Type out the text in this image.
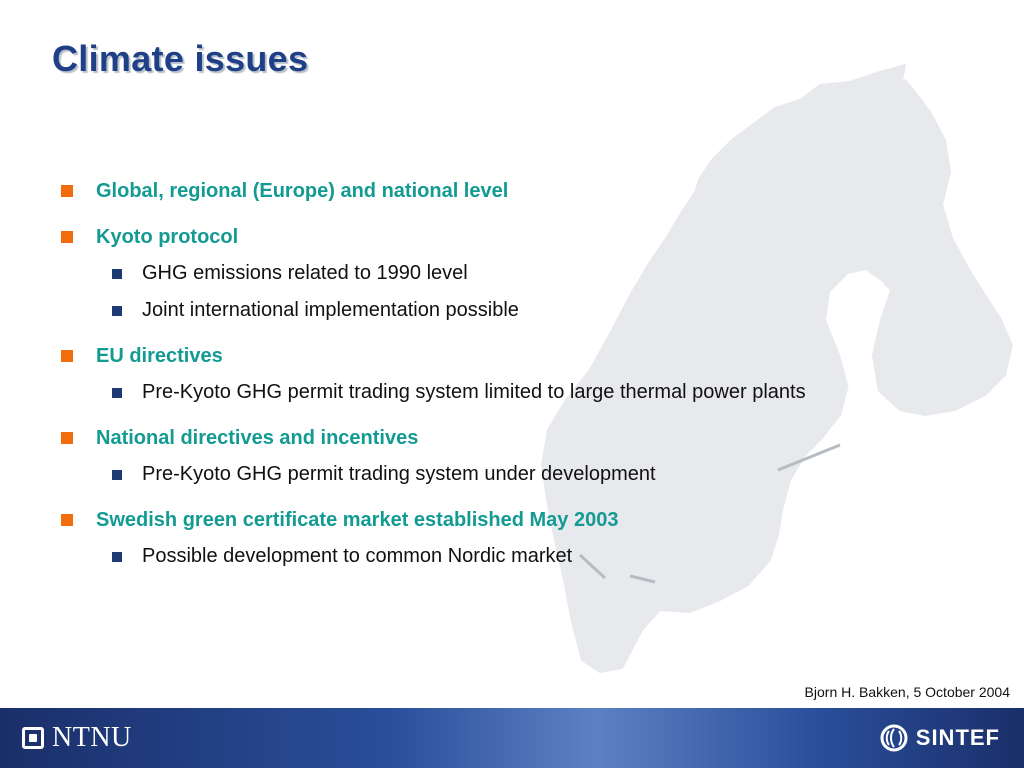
Climate issues
Global, regional (Europe) and national level
Kyoto protocol
GHG emissions related to 1990 level
Joint international implementation possible
EU directives
Pre-Kyoto GHG permit trading system limited to large thermal power plants
National directives and incentives
Pre-Kyoto GHG permit trading system under development
Swedish green certificate market established May 2003
Possible development to common Nordic market
Bjorn H. Bakken, 5 October 2004
NTNU	SINTEF
